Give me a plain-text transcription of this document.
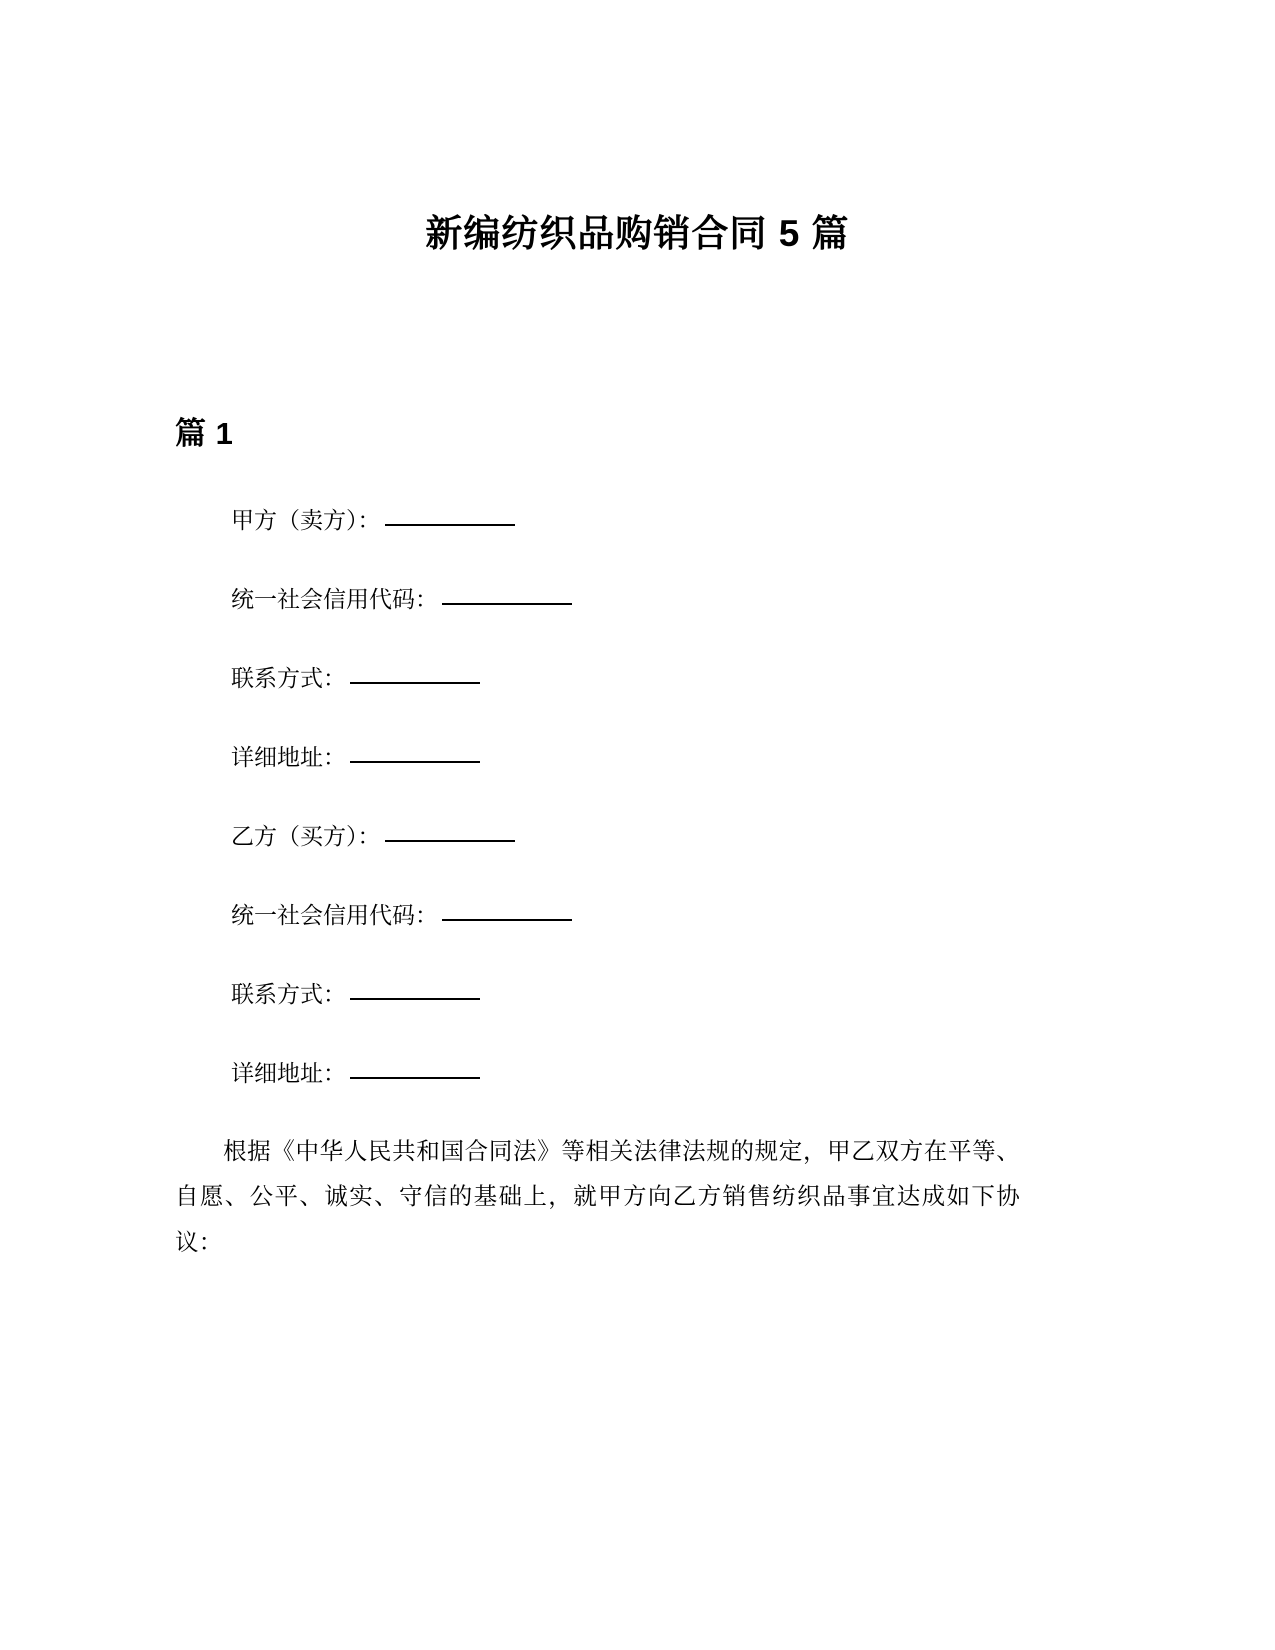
新编纺织品购销合同 5 篇
篇 1
甲方（卖方）：
统一社会信用代码：
联系方式：
详细地址：
乙方（买方）：
统一社会信用代码：
联系方式：
详细地址：

根据《中华人民共和国合同法》等相关法律法规的规定，甲乙双方在平等、自愿、公平、诚实、守信的基础上，就甲方向乙方销售纺织品事宜达成如下协议：
